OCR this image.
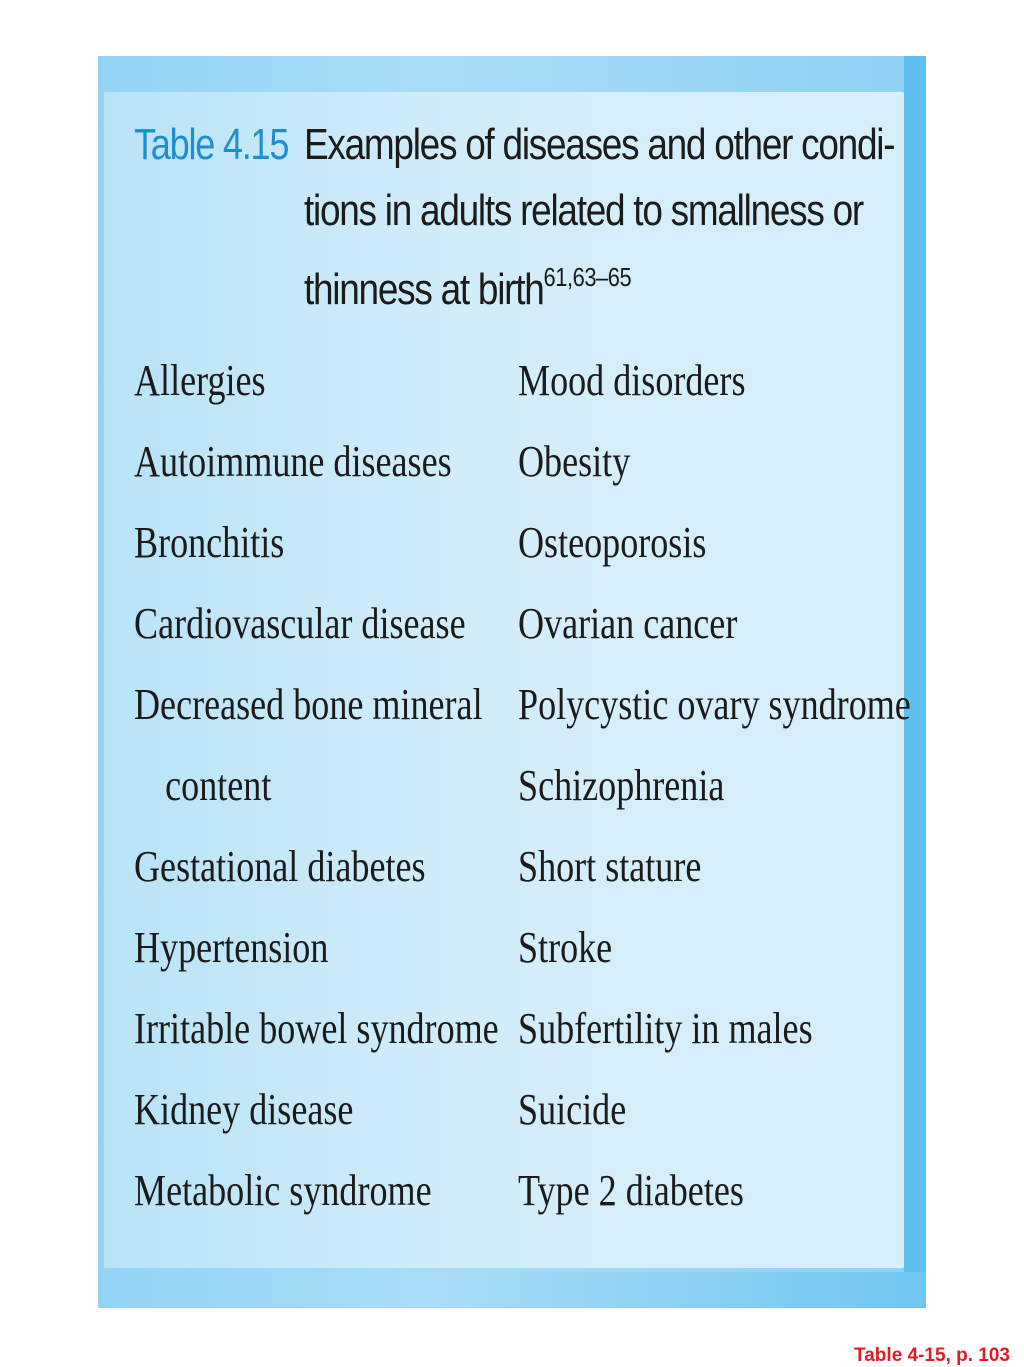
Table 4.15 Examples of diseases and other condi-
tions in adults related to smallness or
thinness at birth$^{61,63-65}$
Allergies
Autoimmune diseases
Bronchitis
Cardiovascular disease
Decreased bone mineral
content
Gestational diabetes
Hypertension
Irritable bowel syndrome
Kidney disease
Metabolic syndrome
Mood disorders
Obesity
Osteoporosis
Ovarian cancer
Polycystic ovary syndrome
Schizophrenia
Short stature
Stroke
Subfertility in males
Suicide
Type 2 diabetes
Table 4-15, p. 103
